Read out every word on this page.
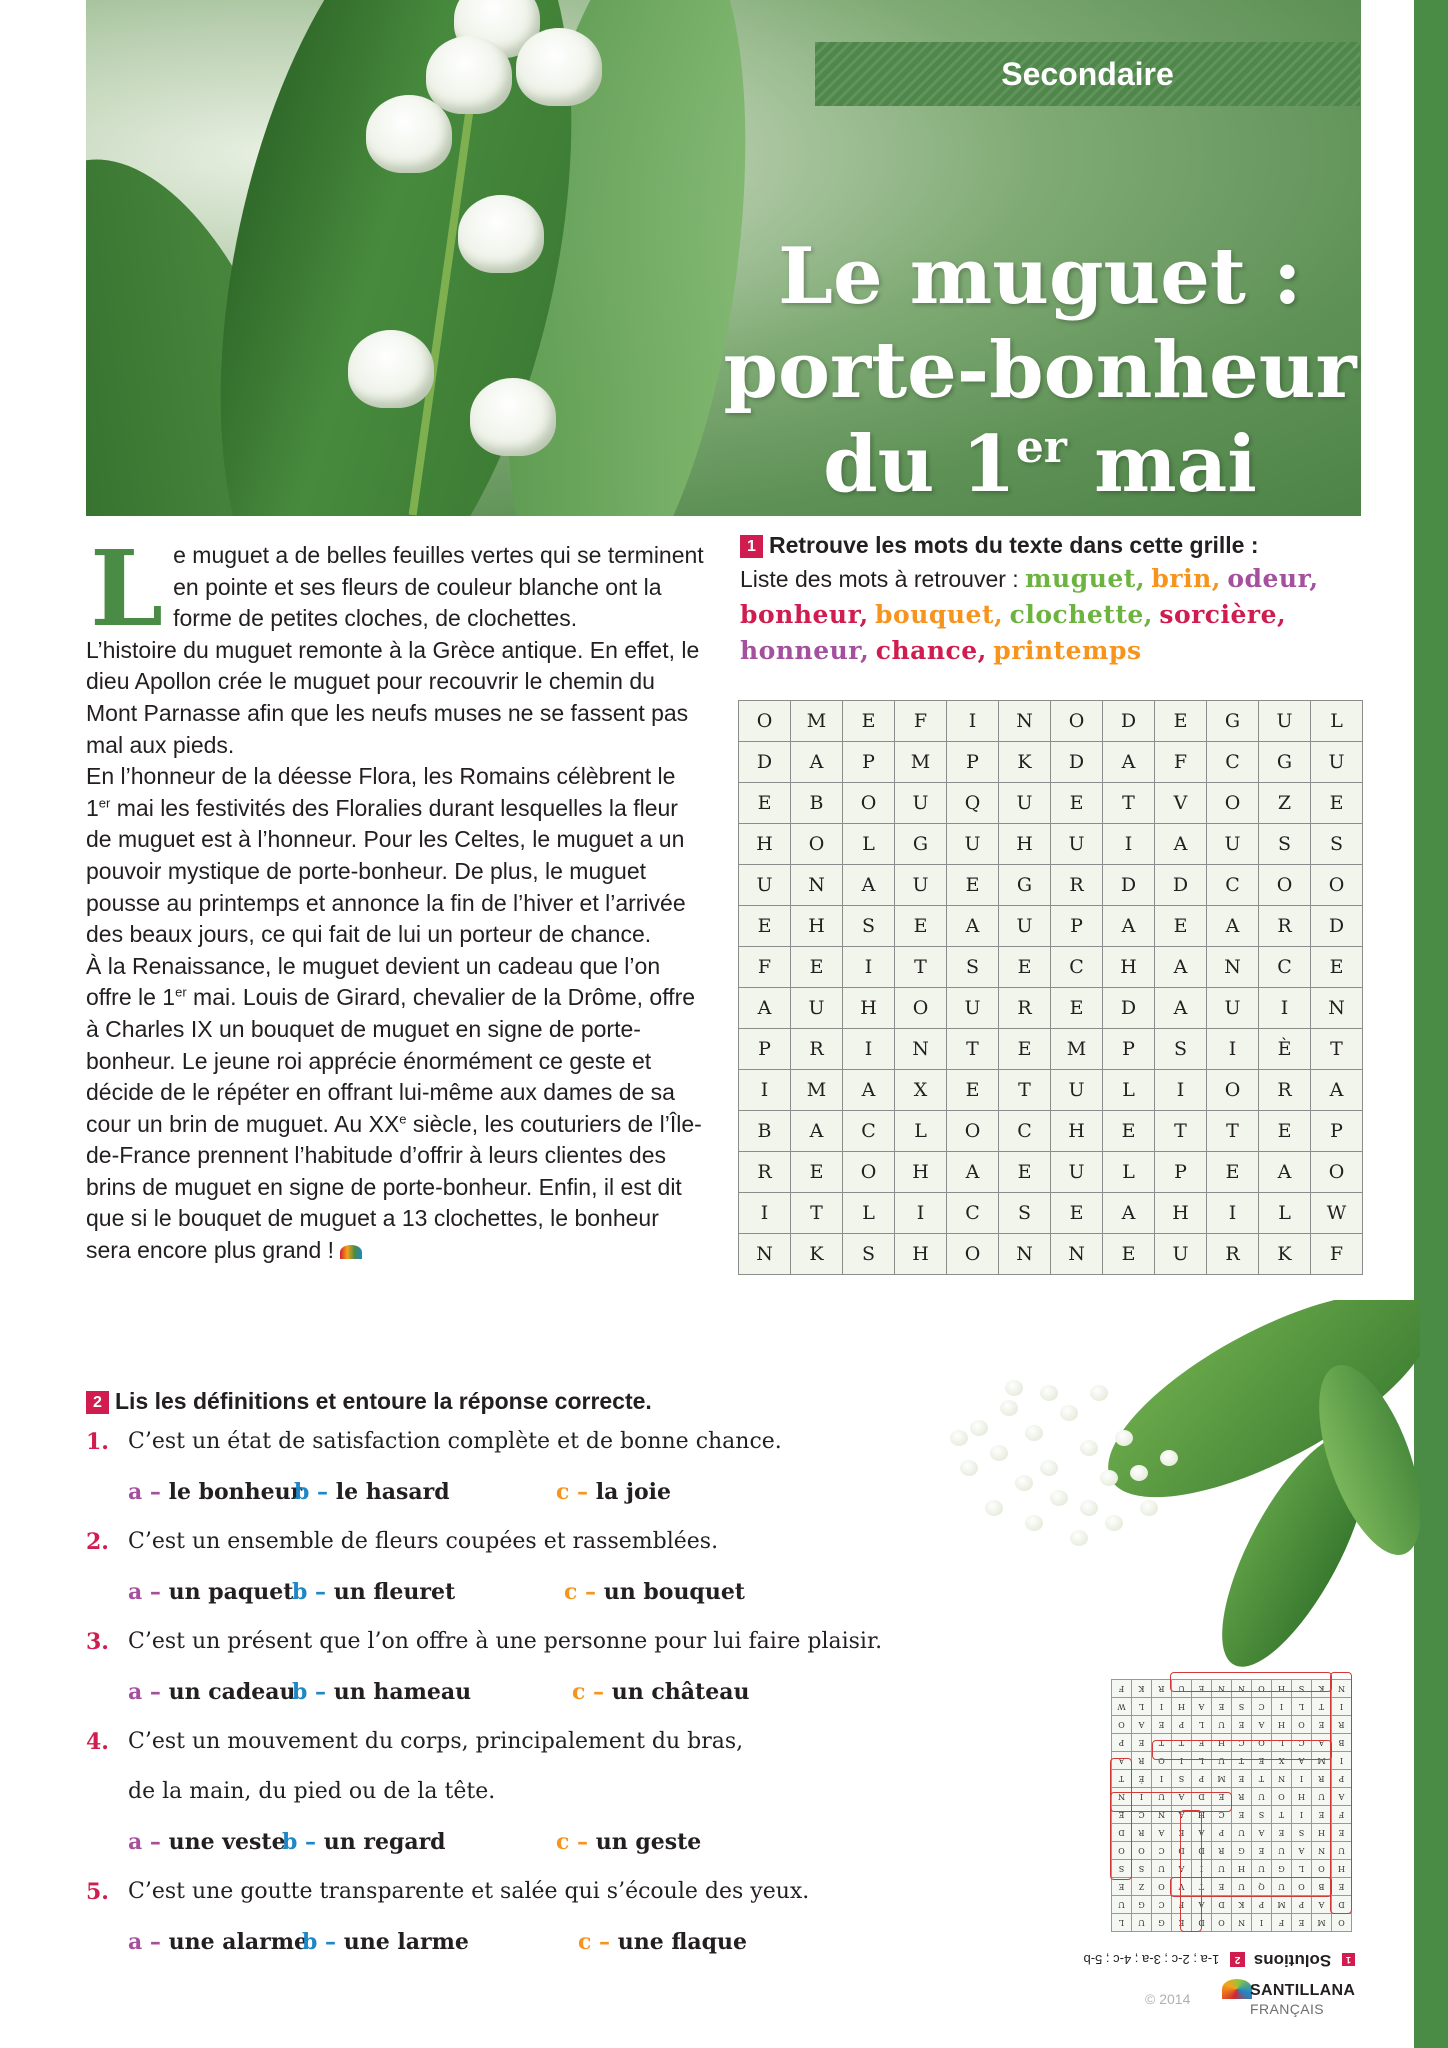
Secondaire
Le muguet :
porte-bonheur
du 1er mai
L e muguet a de belles feuilles vertes qui se terminent en pointe et ses fleurs de couleur blanche ont la forme de petites cloches, de clochettes.
L’histoire du muguet remonte à la Grèce antique. En effet, le dieu Apollon crée le muguet pour recouvrir le chemin du Mont Parnasse afin que les neufs muses ne se fassent pas mal aux pieds.
En l’honneur de la déesse Flora, les Romains célèbrent le 1er mai les festivités des Floralies durant lesquelles la fleur de muguet est à l’honneur. Pour les Celtes, le muguet a un pouvoir mystique de porte-bonheur. De plus, le muguet pousse au printemps et annonce la fin de l’hiver et l’arrivée des beaux jours, ce qui fait de lui un porteur de chance.
À la Renaissance, le muguet devient un cadeau que l’on offre le 1er mai. Louis de Girard, chevalier de la Drôme, offre à Charles IX un bouquet de muguet en signe de porte-bonheur. Le jeune roi apprécie énormément ce geste et décide de le répéter en offrant lui-même aux dames de sa cour un brin de muguet. Au XXe siècle, les couturiers de l’Île-de-France prennent l’habitude d’offrir à leurs clientes des brins de muguet en signe de porte-bonheur. Enfin, il est dit que si le bouquet de muguet a 13 clochettes, le bonheur sera encore plus grand !
1 Retrouve les mots du texte dans cette grille :
Liste des mots à retrouver : muguet, brin, odeur, bonheur, bouquet, clochette, sorcière, honneur, chance, printemps
O	M	E	F	I	N	O	D	E	G	U	L
D	A	P	M	P	K	D	A	F	C	G	U
E	B	O	U	Q	U	E	T	V	O	Z	E
H	O	L	G	U	H	U	I	A	U	S	S
U	N	A	U	E	G	R	D	D	C	O	O
E	H	S	E	A	U	P	A	E	A	R	D
F	E	I	T	S	E	C	H	A	N	C	E
A	U	H	O	U	R	E	D	A	U	I	N
P	R	I	N	T	E	M	P	S	I	È	T
I	M	A	X	E	T	U	L	I	O	R	A
B	A	C	L	O	C	H	E	T	T	E	P
R	E	O	H	A	E	U	L	P	E	A	O
I	T	L	I	C	S	E	A	H	I	L	W
N	K	S	H	O	N	N	E	U	R	K	F
2 Lis les définitions et entoure la réponse correcte.
1. C’est un état de satisfaction complète et de bonne chance.
a – le bonheur
b – le hasard	c – la joie
2. C’est un ensemble de fleurs coupées et rassemblées.
a – un paquet
b – un fleuret	c – un bouquet
3. C’est un présent que l’on offre à une personne pour lui faire plaisir.
a – un cadeau
b – un hameau	c – un château
4. C’est un mouvement du corps, principalement du bras,
de la main, du pied ou de la tête.
a – une veste
b – un regard	c – un geste
5. C’est une goutte transparente et salée qui s’écoule des yeux.
a – une alarme
b – une larme	c – une flaque
O	M	E	F	I	N	O	D	E	G	U	L
D	A	P	M	P	K	D	A	F	C	G	U
E	B	O	U	Q	U	E	T	V	O	Z	E
H	O	L	G	U	H	U	I	A	U	S	S
U	N	A	U	E	G	R	D	D	C	O	O
E	H	S	E	A	U	P	A	E	A	R	D
F	E	I	T	S	E	C	H	A	N	C	E
A	U	H	O	U	R	E	D	A	U	I	N
P	R	I	N	T	E	M	P	S	I	È	T
I	M	A	X	E	T	U	L	I	O	R	A
B	A	C	L	O	C	H	E	T	T	E	P
R	E	O	H	A	E	U	L	P	E	A	O
I	T	L	I	C	S	E	A	H	I	L	W
N	K	S	H	O	N	N	E	U	R	K	F
1 Solutions 2 1-a ; 2-c ; 3-a ; 4-c ; 5-b
© 2014	SANTILLANA
FRANÇAIS
